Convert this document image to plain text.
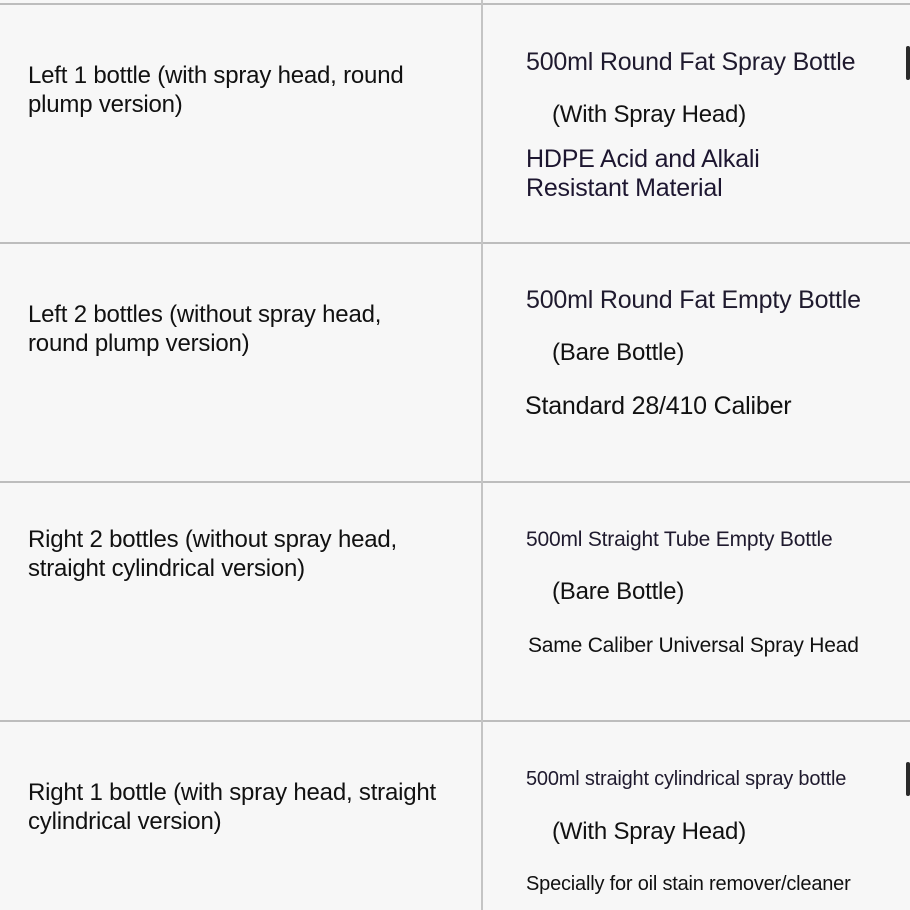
Left 1 bottle (with spray head, round plump version)
500ml Round Fat Spray Bottle
(With Spray Head)
HDPE Acid and Alkali Resistant Material
Left 2 bottles (without spray head, round plump version)
500ml Round Fat Empty Bottle
(Bare Bottle)
Standard 28/410 Caliber
Right 2 bottles (without spray head, straight cylindrical version)
500ml Straight Tube Empty Bottle
(Bare Bottle)
Same Caliber Universal Spray Head
Right 1 bottle (with spray head, straight cylindrical version)
500ml straight cylindrical spray bottle
(With Spray Head)
Specially for oil stain remover/cleaner
